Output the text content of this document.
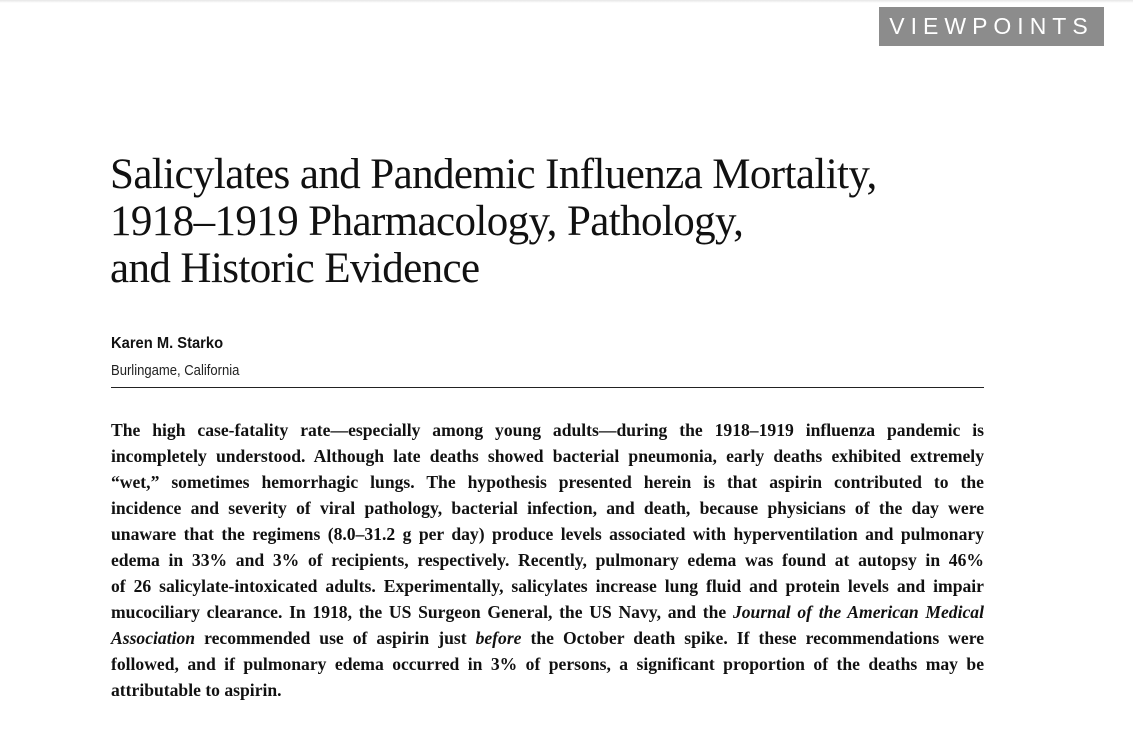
VIEWPOINTS
Salicylates and Pandemic Influenza Mortality,
1918–1919 Pharmacology, Pathology,
and Historic Evidence
Karen M. Starko
Burlingame, California

The high case-fatality rate—especially among young adults—during the 1918–1919 influenza pandemic is
incompletely understood. Although late deaths showed bacterial pneumonia, early deaths exhibited extremely
“wet,” sometimes hemorrhagic lungs. The hypothesis presented herein is that aspirin contributed to the
incidence and severity of viral pathology, bacterial infection, and death, because physicians of the day were
unaware that the regimens (8.0–31.2 g per day) produce levels associated with hyperventilation and pulmonary
edema in 33% and 3% of recipients, respectively. Recently, pulmonary edema was found at autopsy in 46%
of 26 salicylate-intoxicated adults. Experimentally, salicylates increase lung fluid and protein levels and impair
mucociliary clearance. In 1918, the US Surgeon General, the US Navy, and the Journal of the American Medical
Association recommended use of aspirin just before the October death spike. If these recommendations were
followed, and if pulmonary edema occurred in 3% of persons, a significant proportion of the deaths may be
attributable to aspirin.
